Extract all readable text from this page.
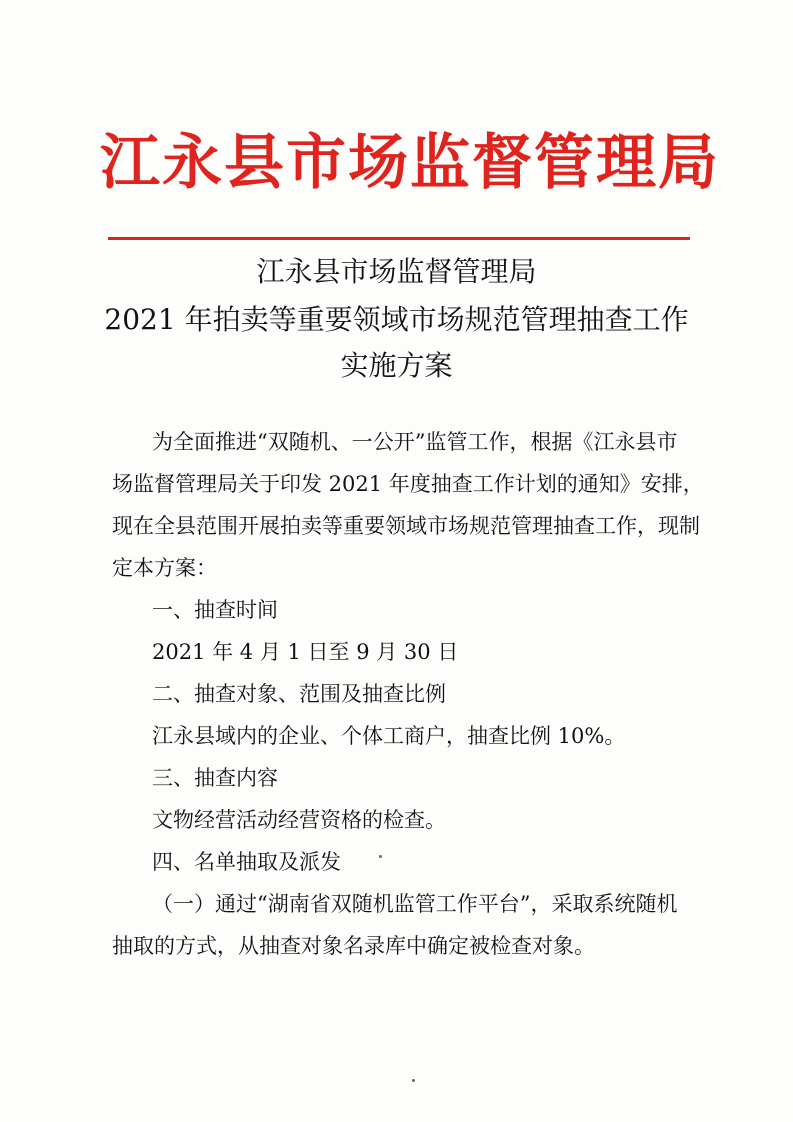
江永县市场监督管理局
江永县市场监督管理局
2021 年拍卖等重要领域市场规范管理抽查工作
实施方案
为全面推进“双随机、一公开”监管工作，根据《江永县市
场监督管理局关于印发 2021 年度抽查工作计划的通知》安排，
现在全县范围开展拍卖等重要领域市场规范管理抽查工作，现制
定本方案：
一、抽查时间
2021 年 4 月 1 日至 9 月 30 日
二、抽查对象、范围及抽查比例
江永县域内的企业、个体工商户，抽查比例 10%。
三、抽查内容
文物经营活动经营资格的检查。
四、名单抽取及派发
（一）通过“湖南省双随机监管工作平台”，采取系统随机
抽取的方式，从抽查对象名录库中确定被检查对象。
